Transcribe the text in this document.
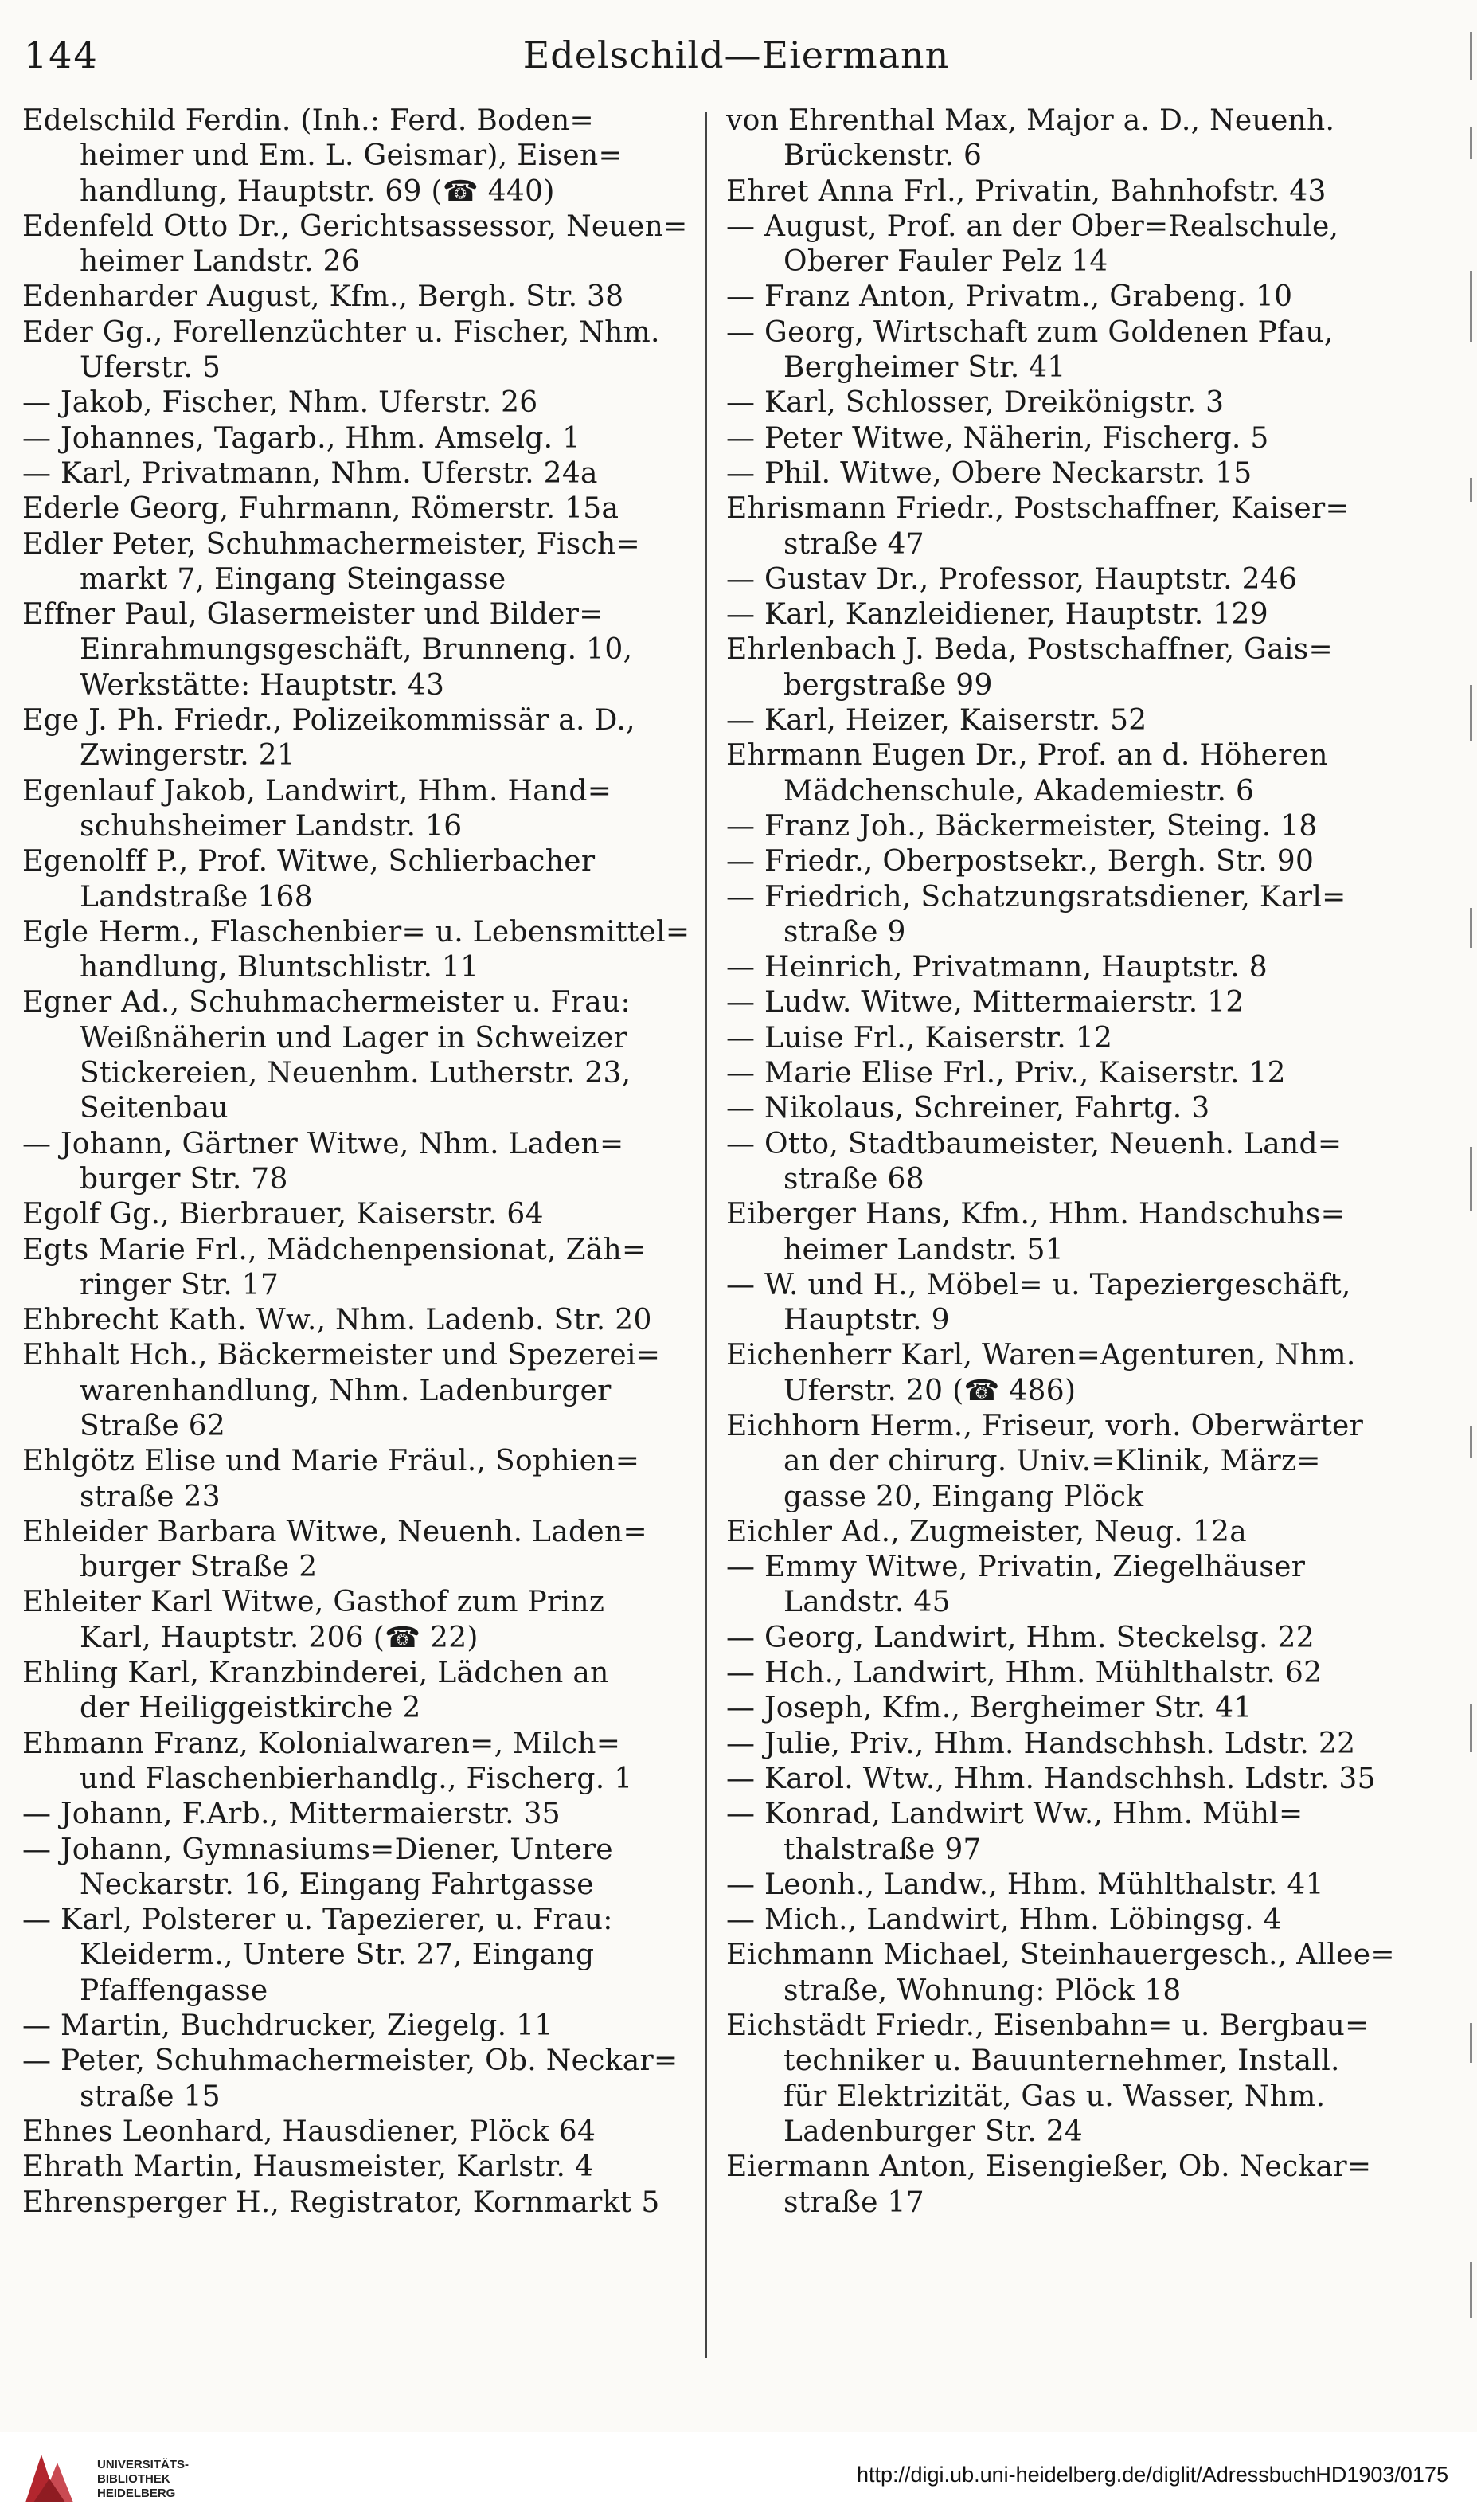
144	Edelschild—Eiermann
Edelschild Ferdin. (Inh.: Ferd. Boden=
heimer und Em. L. Geismar), Eisen=
handlung, Hauptstr. 69 (☎ 440)
Edenfeld Otto Dr., Gerichtsassessor, Neuen=
heimer Landstr. 26
Edenharder August, Kfm., Bergh. Str. 38
Eder Gg., Forellenzüchter u. Fischer, Nhm.
Uferstr. 5
— Jakob, Fischer, Nhm. Uferstr. 26
— Johannes, Tagarb., Hhm. Amselg. 1
— Karl, Privatmann, Nhm. Uferstr. 24a
Ederle Georg, Fuhrmann, Römerstr. 15a
Edler Peter, Schuhmachermeister, Fisch=
markt 7, Eingang Steingasse
Effner Paul, Glasermeister und Bilder=
Einrahmungsgeschäft, Brunneng. 10,
Werkstätte: Hauptstr. 43
Ege J. Ph. Friedr., Polizeikommissär a. D.,
Zwingerstr. 21
Egenlauf Jakob, Landwirt, Hhm. Hand=
schuhsheimer Landstr. 16
Egenolff P., Prof. Witwe, Schlierbacher
Landstraße 168
Egle Herm., Flaschenbier= u. Lebensmittel=
handlung, Bluntschlistr. 11
Egner Ad., Schuhmachermeister u. Frau:
Weißnäherin und Lager in Schweizer
Stickereien, Neuenhm. Lutherstr. 23,
Seitenbau
— Johann, Gärtner Witwe, Nhm. Laden=
burger Str. 78
Egolf Gg., Bierbrauer, Kaiserstr. 64
Egts Marie Frl., Mädchenpensionat, Zäh=
ringer Str. 17
Ehbrecht Kath. Ww., Nhm. Ladenb. Str. 20
Ehhalt Hch., Bäckermeister und Spezerei=
warenhandlung, Nhm. Ladenburger
Straße 62
Ehlgötz Elise und Marie Fräul., Sophien=
straße 23
Ehleider Barbara Witwe, Neuenh. Laden=
burger Straße 2
Ehleiter Karl Witwe, Gasthof zum Prinz
Karl, Hauptstr. 206 (☎ 22)
Ehling Karl, Kranzbinderei, Lädchen an
der Heiliggeistkirche 2
Ehmann Franz, Kolonialwaren=, Milch=
und Flaschenbierhandlg., Fischerg. 1
— Johann, F.Arb., Mittermaierstr. 35
— Johann, Gymnasiums=Diener, Untere
Neckarstr. 16, Eingang Fahrtgasse
— Karl, Polsterer u. Tapezierer, u. Frau:
Kleiderm., Untere Str. 27, Eingang
Pfaffengasse
— Martin, Buchdrucker, Ziegelg. 11
— Peter, Schuhmachermeister, Ob. Neckar=
straße 15
Ehnes Leonhard, Hausdiener, Plöck 64
Ehrath Martin, Hausmeister, Karlstr. 4
Ehrensperger H., Registrator, Kornmarkt 5
von Ehrenthal Max, Major a. D., Neuenh.
Brückenstr. 6
Ehret Anna Frl., Privatin, Bahnhofstr. 43
— August, Prof. an der Ober=Realschule,
Oberer Fauler Pelz 14
— Franz Anton, Privatm., Grabeng. 10
— Georg, Wirtschaft zum Goldenen Pfau,
Bergheimer Str. 41
— Karl, Schlosser, Dreikönigstr. 3
— Peter Witwe, Näherin, Fischerg. 5
— Phil. Witwe, Obere Neckarstr. 15
Ehrismann Friedr., Postschaffner, Kaiser=
straße 47
— Gustav Dr., Professor, Hauptstr. 246
— Karl, Kanzleidiener, Hauptstr. 129
Ehrlenbach J. Beda, Postschaffner, Gais=
bergstraße 99
— Karl, Heizer, Kaiserstr. 52
Ehrmann Eugen Dr., Prof. an d. Höheren
Mädchenschule, Akademiestr. 6
— Franz Joh., Bäckermeister, Steing. 18
— Friedr., Oberpostsekr., Bergh. Str. 90
— Friedrich, Schatzungsratsdiener, Karl=
straße 9
— Heinrich, Privatmann, Hauptstr. 8
— Ludw. Witwe, Mittermaierstr. 12
— Luise Frl., Kaiserstr. 12
— Marie Elise Frl., Priv., Kaiserstr. 12
— Nikolaus, Schreiner, Fahrtg. 3
— Otto, Stadtbaumeister, Neuenh. Land=
straße 68
Eiberger Hans, Kfm., Hhm. Handschuhs=
heimer Landstr. 51
— W. und H., Möbel= u. Tapeziergeschäft,
Hauptstr. 9
Eichenherr Karl, Waren=Agenturen, Nhm.
Uferstr. 20 (☎ 486)
Eichhorn Herm., Friseur, vorh. Oberwärter
an der chirurg. Univ.=Klinik, März=
gasse 20, Eingang Plöck
Eichler Ad., Zugmeister, Neug. 12a
— Emmy Witwe, Privatin, Ziegelhäuser
Landstr. 45
— Georg, Landwirt, Hhm. Steckelsg. 22
— Hch., Landwirt, Hhm. Mühlthalstr. 62
— Joseph, Kfm., Bergheimer Str. 41
— Julie, Priv., Hhm. Handschhsh. Ldstr. 22
— Karol. Wtw., Hhm. Handschhsh. Ldstr. 35
— Konrad, Landwirt Ww., Hhm. Mühl=
thalstraße 97
— Leonh., Landw., Hhm. Mühlthalstr. 41
— Mich., Landwirt, Hhm. Löbingsg. 4
Eichmann Michael, Steinhauergesch., Allee=
straße, Wohnung: Plöck 18
Eichstädt Friedr., Eisenbahn= u. Bergbau=
techniker u. Bauunternehmer, Install.
für Elektrizität, Gas u. Wasser, Nhm.
Ladenburger Str. 24
Eiermann Anton, Eisengießer, Ob. Neckar=
straße 17
UNIVERSITÄTS-
BIBLIOTHEK
HEIDELBERG
http://digi.ub.uni-heidelberg.de/diglit/AdressbuchHD1903/0175
